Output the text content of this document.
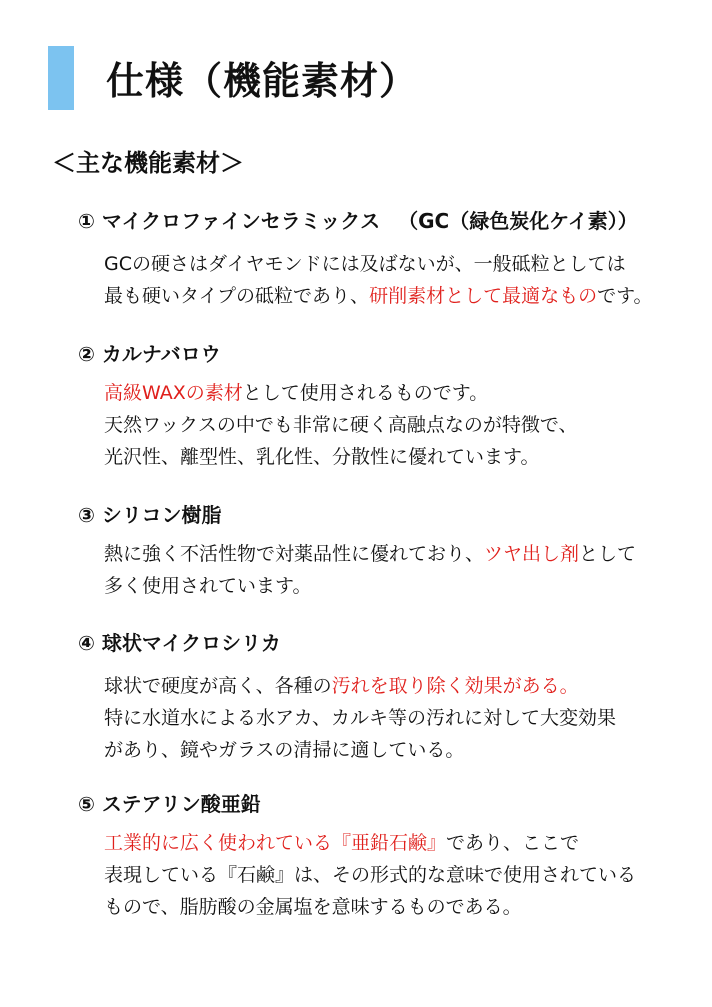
仕様（機能素材）
＜主な機能素材＞
① マイクロファインセラミックス （GC（緑色炭化ケイ素））
GCの硬さはダイヤモンドには及ばないが、一般砥粒としては
最も硬いタイプの砥粒であり、研削素材として最適なものです。
② カルナバロウ
高級WAXの素材として使用されるものです。
天然ワックスの中でも非常に硬く高融点なのが特徴で、
光沢性、離型性、乳化性、分散性に優れています。
③ シリコン樹脂
熱に強く不活性物で対薬品性に優れており、ツヤ出し剤として
多く使用されています。
④ 球状マイクロシリカ
球状で硬度が高く、各種の汚れを取り除く効果がある。
特に水道水による水アカ、カルキ等の汚れに対して大変効果
があり、鏡やガラスの清掃に適している。
⑤ ステアリン酸亜鉛
工業的に広く使われている『亜鉛石鹸』であり、ここで
表現している『石鹸』は、その形式的な意味で使用されている
もので、脂肪酸の金属塩を意味するものである。
